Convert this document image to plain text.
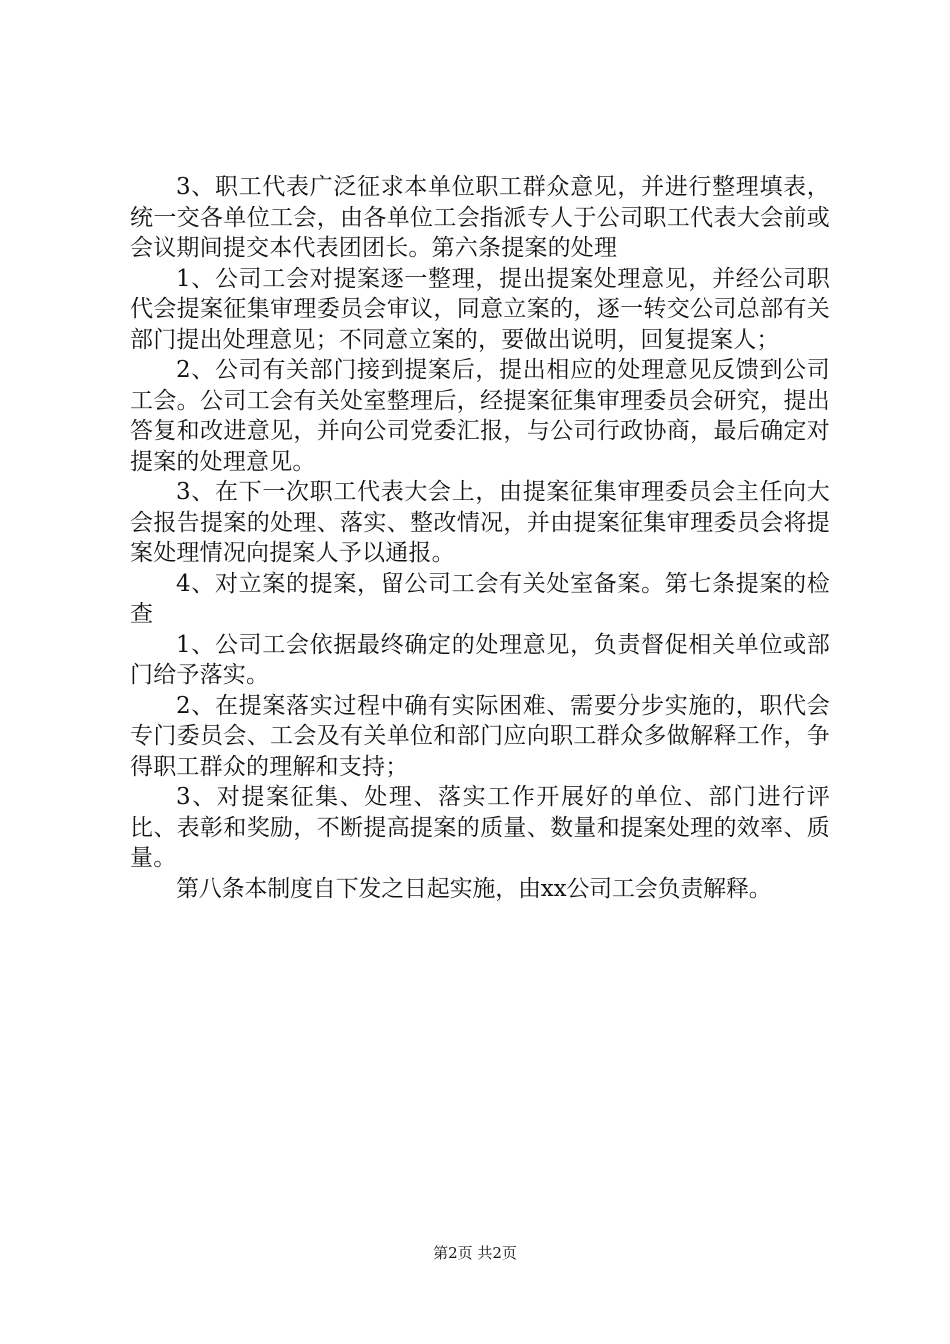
3、职工代表广泛征求本单位职工群众意见，并进行整理填表，统一交各单位工会，由各单位工会指派专人于公司职工代表大会前或会议期间提交本代表团团长。第六条提案的处理

1、公司工会对提案逐一整理，提出提案处理意见，并经公司职代会提案征集审理委员会审议，同意立案的，逐一转交公司总部有关部门提出处理意见；不同意立案的，要做出说明，回复提案人；

2、公司有关部门接到提案后，提出相应的处理意见反馈到公司工会。公司工会有关处室整理后，经提案征集审理委员会研究，提出答复和改进意见，并向公司党委汇报，与公司行政协商，最后确定对提案的处理意见。

3、在下一次职工代表大会上，由提案征集审理委员会主任向大会报告提案的处理、落实、整改情况，并由提案征集审理委员会将提案处理情况向提案人予以通报。

4、对立案的提案，留公司工会有关处室备案。第七条提案的检查

1、公司工会依据最终确定的处理意见，负责督促相关单位或部门给予落实。

2、在提案落实过程中确有实际困难、需要分步实施的，职代会专门委员会、工会及有关单位和部门应向职工群众多做解释工作，争得职工群众的理解和支持；

3、对提案征集、处理、落实工作开展好的单位、部门进行评比、表彰和奖励，不断提高提案的质量、数量和提案处理的效率、质量。

第八条本制度自下发之日起实施，由xx公司工会负责解释。

第2页 共2页
